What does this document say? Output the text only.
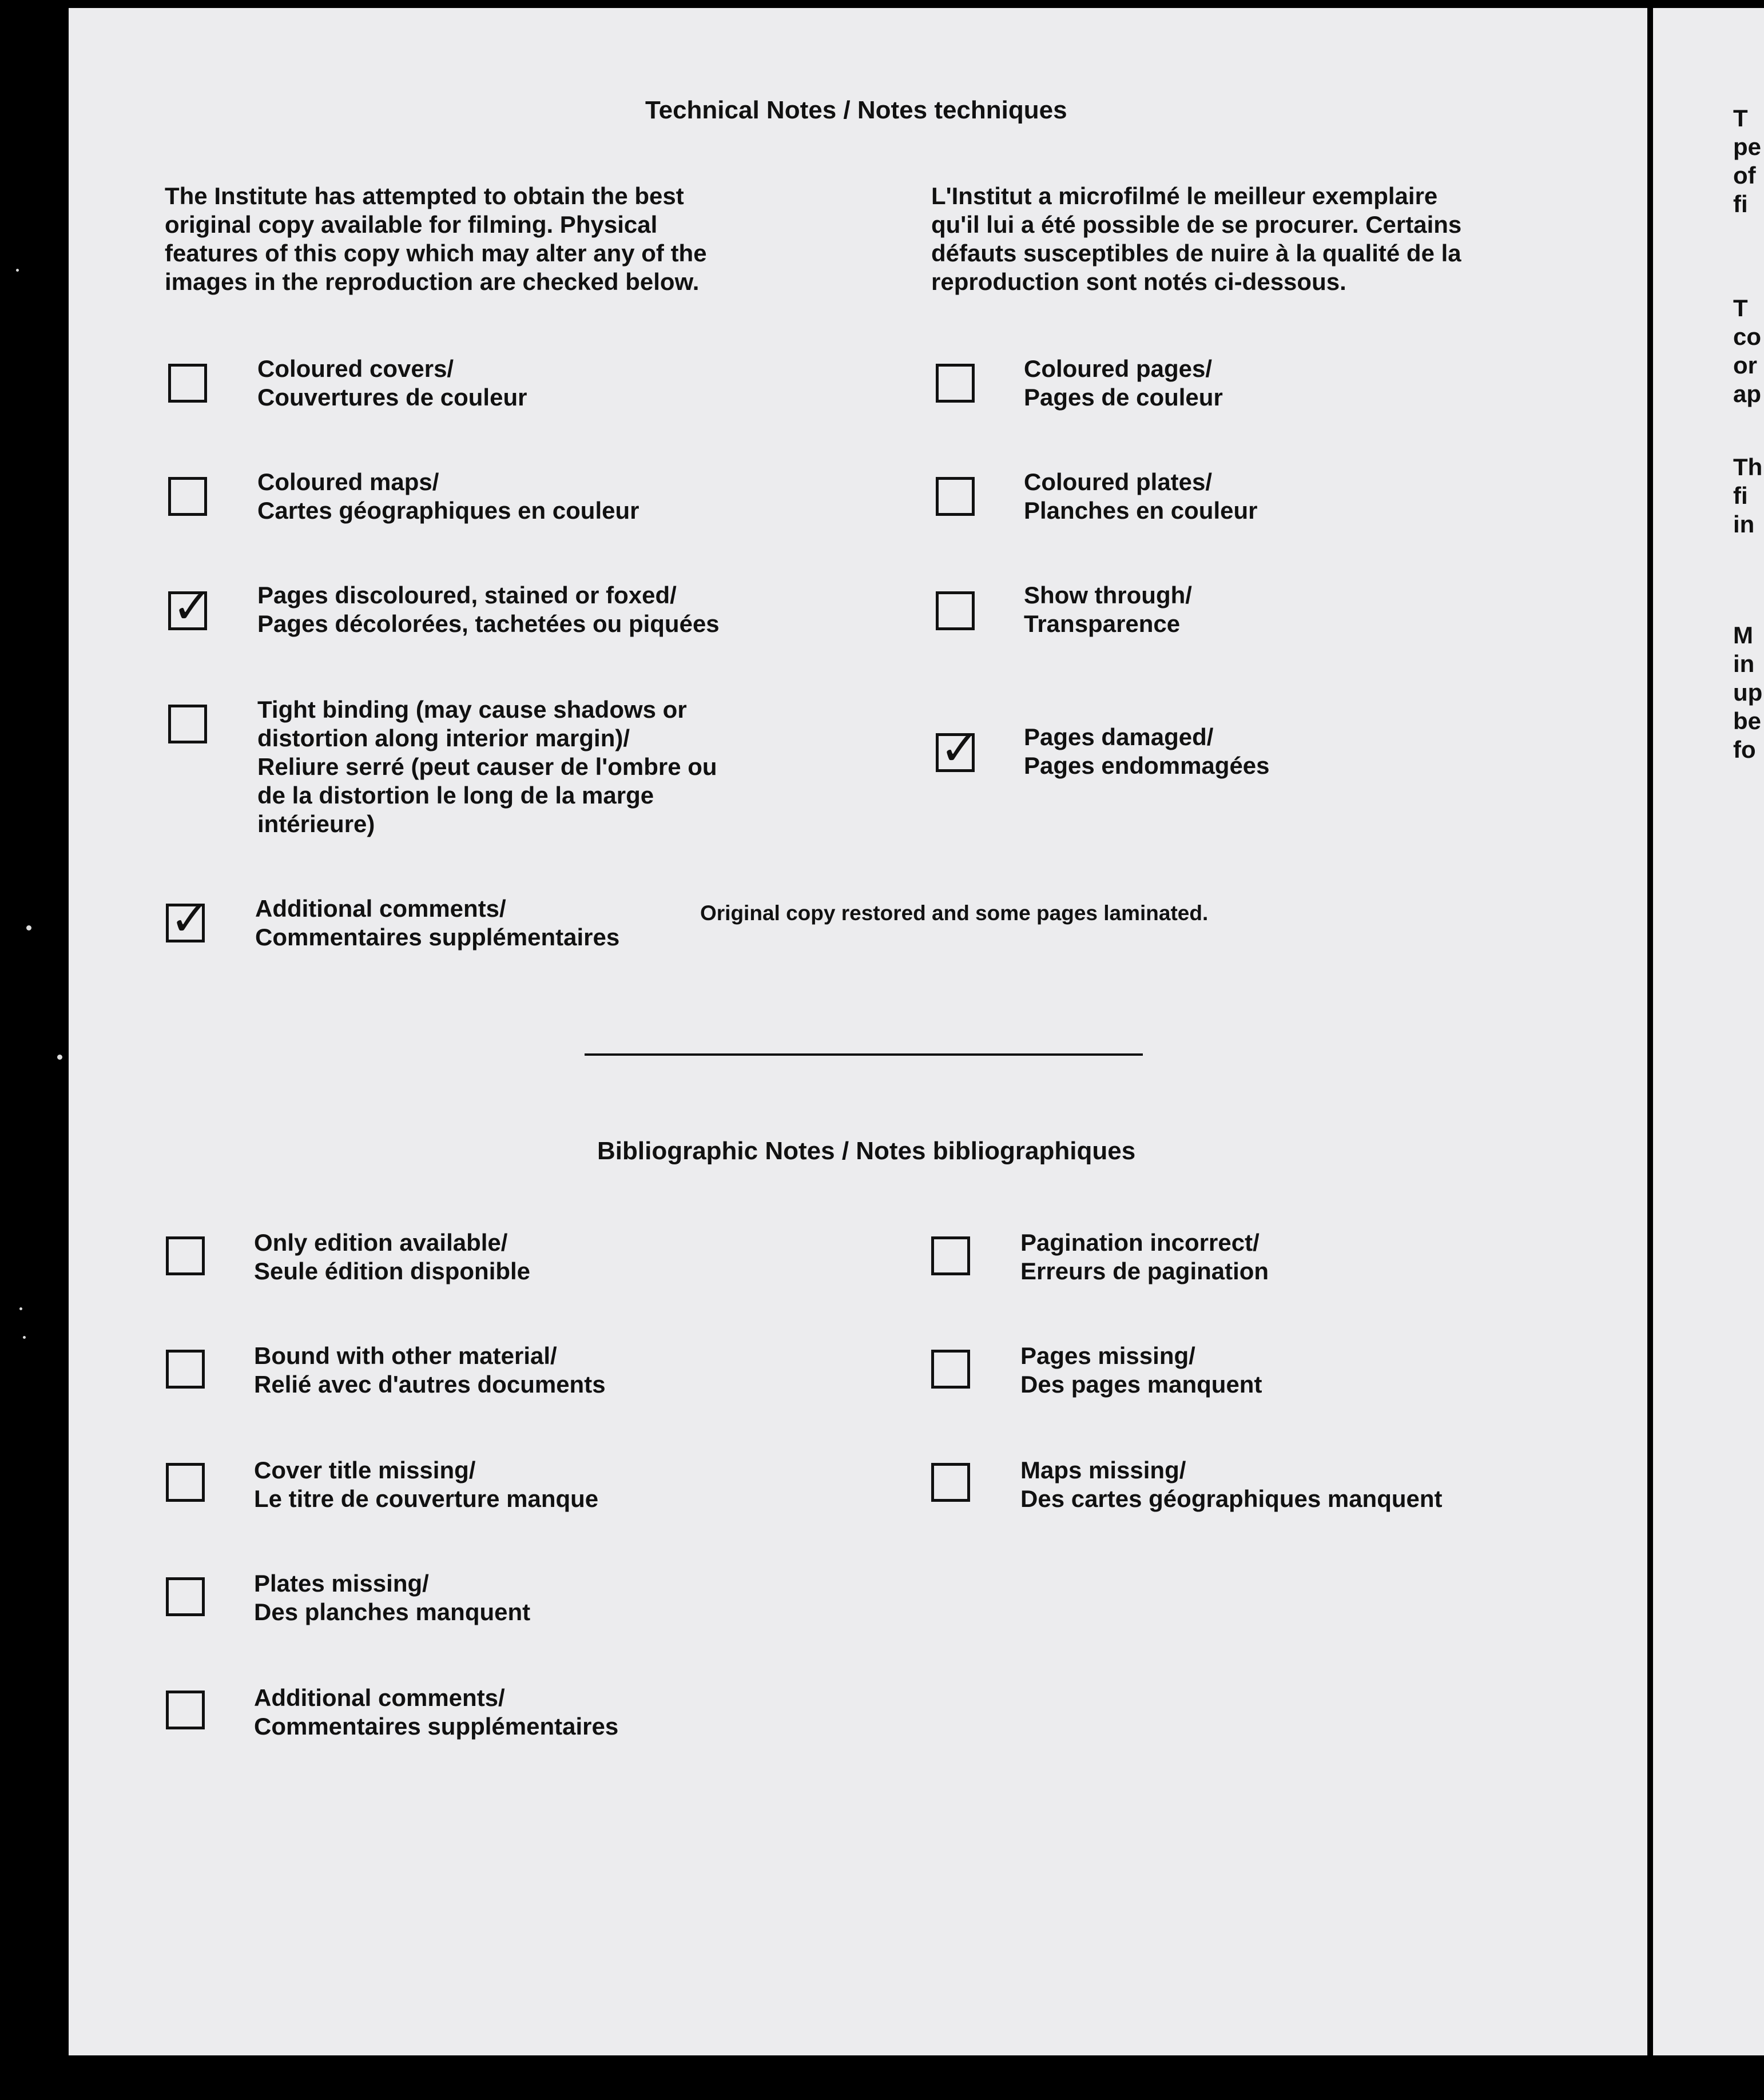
T
pe
of
fi
T
co
or
ap
Th
fi
in
M
in
up
be
fo
Technical Notes / Notes techniques
The Institute has attempted to obtain the best
original copy available for filming. Physical
features of this copy which may alter any of the
images in the reproduction are checked below.
L'Institut a microfilmé le meilleur exemplaire
qu'il lui a été possible de se procurer. Certains
défauts susceptibles de nuire à la qualité de la
reproduction sont notés ci-dessous.
Coloured covers/
Couvertures de couleur
Coloured pages/
Pages de couleur
Coloured maps/
Cartes géographiques en couleur
Coloured plates/
Planches en couleur
✓ Pages discoloured, stained or foxed/
Pages décolorées, tachetées ou piquées
Show through/
Transparence
Tight binding (may cause shadows or
distortion along interior margin)/
Reliure serré (peut causer de l'ombre ou
de la distortion le long de la marge
intérieure)
✓ Pages damaged/
Pages endommagées
✓ Additional comments/
Commentaires supplémentaires
Original copy restored and some pages laminated.
Bibliographic Notes / Notes bibliographiques
Only edition available/
Seule édition disponible
Pagination incorrect/
Erreurs de pagination
Bound with other material/
Relié avec d'autres documents
Pages missing/
Des pages manquent
Cover title missing/
Le titre de couverture manque
Maps missing/
Des cartes géographiques manquent
Plates missing/
Des planches manquent
Additional comments/
Commentaires supplémentaires
